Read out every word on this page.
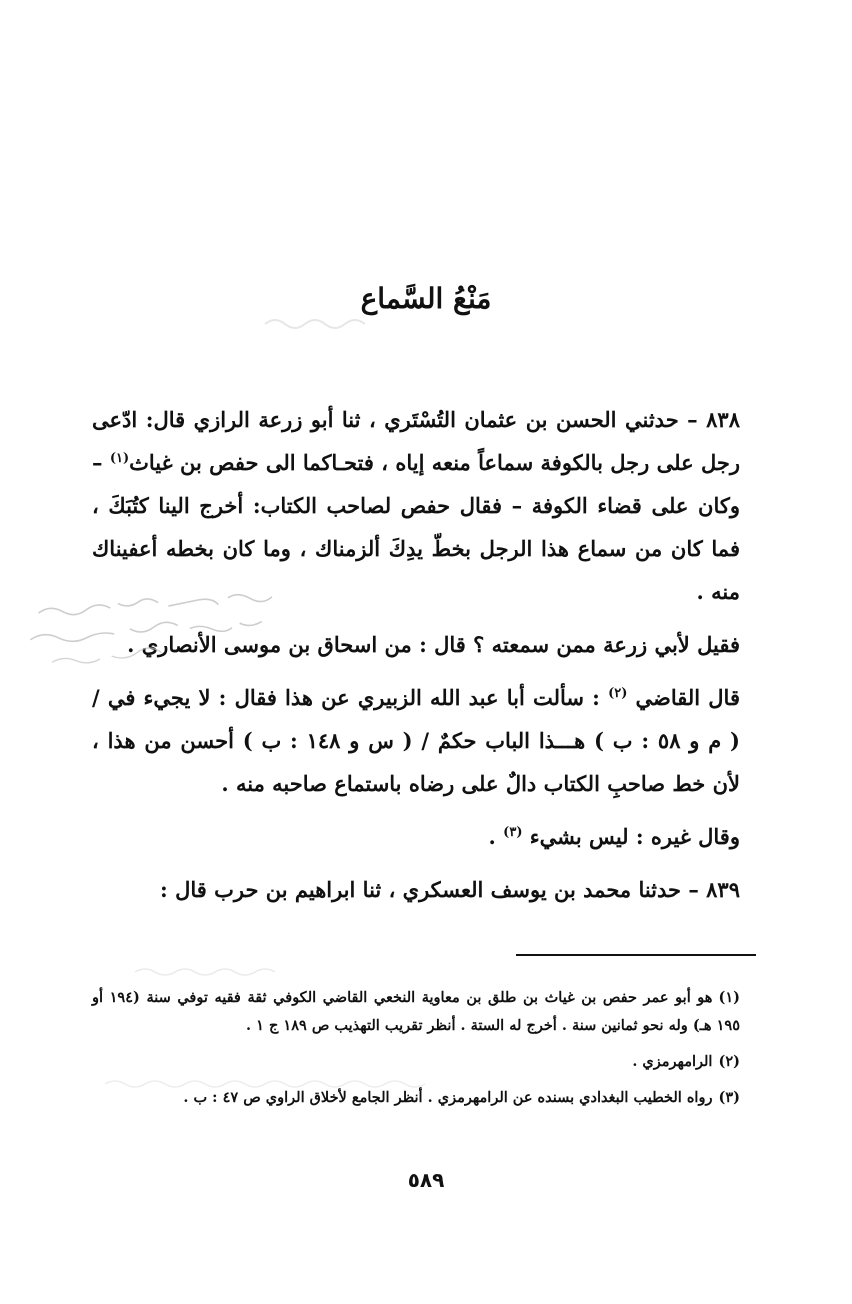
مَنْعُ السَّماع

٨٣٨ – حدثني الحسن بن عثمان التُسْتَري ، ثنا أبو زرعة الرازي قال: ادّعى رجل على رجل بالكوفة سماعاً منعه إياه ، فتحـاكما الى حفص بن غياث$^{(١)}$ – وكان على قضاء الكوفة – فقال حفص لصاحب الكتاب: أخرج الينا كتُبَكَ ، فما كان من سماع هذا الرجل بخطّ يدِكَ ألزمناك ، وما كان بخطه أعفيناك منه .

فقيل لأبي زرعة ممن سمعته ؟ قال : من اسحاق بن موسى الأنصاري .

قال القاضي $^{(٢)}$ : سألت أبا عبد الله الزبيري عن هذا فقال : لا يجيء في / ( م و ٥٨ : ب ) هـــذا الباب حكمٌ / ( س و ١٤٨ : ب ) أحسن من هذا ، لأن خط صاحبِ الكتاب دالٌ على رضاه باستماع صاحبه منه .

وقال غيره : ليس بشيء $^{(٣)}$ .

٨٣٩ – حدثنا محمد بن يوسف العسكري ، ثنا ابراهيم بن حرب قال :

(١)هو أبو عمر حفص بن غياث بن طلق بن معاوية النخعي القاضي الكوفي ثقة فقيه توفي سنة (١٩٤ أو ١٩٥ هـ) وله نحو ثمانين سنة . أخرج له الستة . أنظر تقريب التهذيب ص ١٨٩ ج ١ .

(٢)الرامهرمزي .

(٣)رواه الخطيب البغدادي بسنده عن الرامهرمزي . أنظر الجامع لأخلاق الراوي ص ٤٧ : ب .

٥٨٩
